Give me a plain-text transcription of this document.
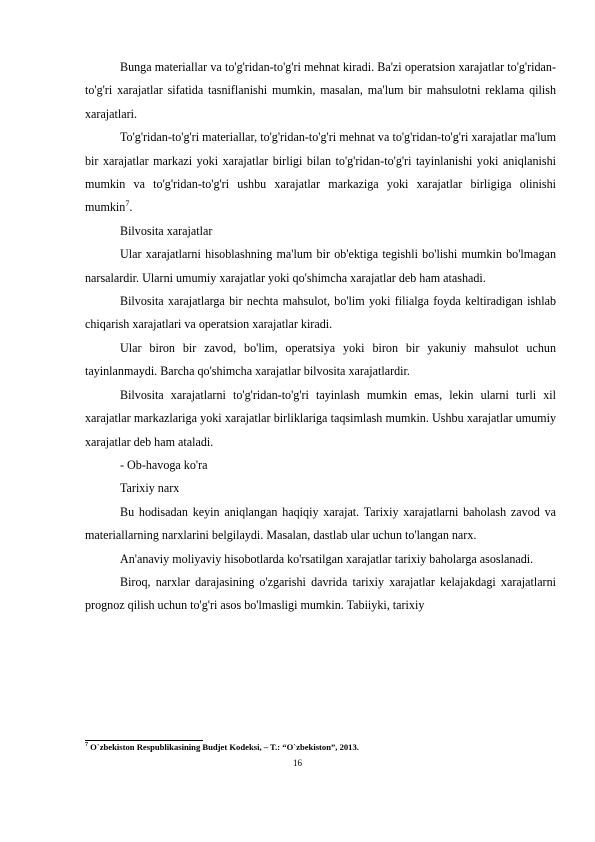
Bunga materiallar va to'g'ridan-to'g'ri mehnat kiradi. Ba'zi operatsion xarajatlar to'g'ridan-to'g'ri xarajatlar sifatida tasniflanishi mumkin, masalan, ma'lum bir mahsulotni reklama qilish xarajatlari.

To'g'ridan-to'g'ri materiallar, to'g'ridan-to'g'ri mehnat va to'g'ridan-to'g'ri xarajatlar ma'lum bir xarajatlar markazi yoki xarajatlar birligi bilan to'g'ridan-to'g'ri tayinlanishi yoki aniqlanishi mumkin va to'g'ridan-to'g'ri ushbu xarajatlar markaziga yoki xarajatlar birligiga olinishi mumkin$^7$.

Bilvosita xarajatlar

Ular xarajatlarni hisoblashning ma'lum bir ob'ektiga tegishli bo'lishi mumkin bo'lmagan narsalardir. Ularni umumiy xarajatlar yoki qo'shimcha xarajatlar deb ham atashadi.

Bilvosita xarajatlarga bir nechta mahsulot, bo'lim yoki filialga foyda keltiradigan ishlab chiqarish xarajatlari va operatsion xarajatlar kiradi.

Ular biron bir zavod, bo'lim, operatsiya yoki biron bir yakuniy mahsulot uchun tayinlanmaydi. Barcha qo'shimcha xarajatlar bilvosita xarajatlardir.

Bilvosita xarajatlarni to'g'ridan-to'g'ri tayinlash mumkin emas, lekin ularni turli xil xarajatlar markazlariga yoki xarajatlar birliklariga taqsimlash mumkin. Ushbu xarajatlar umumiy xarajatlar deb ham ataladi.

- Ob-havoga ko'ra

Tarixiy narx

Bu hodisadan keyin aniqlangan haqiqiy xarajat. Tarixiy xarajatlarni baholash zavod va materiallarning narxlarini belgilaydi. Masalan, dastlab ular uchun to'langan narx.

An'anaviy moliyaviy hisobotlarda ko'rsatilgan xarajatlar tarixiy baholarga asoslanadi.

Biroq, narxlar darajasining o'zgarishi davrida tarixiy xarajatlar kelajakdagi xarajatlarni prognoz qilish uchun to'g'ri asos bo'lmasligi mumkin. Tabiiyki, tarixiy

$^7$ O`zbekiston Respublikasining Budjet Kodeksi, – T.: “O`zbekiston”, 2013.
16
